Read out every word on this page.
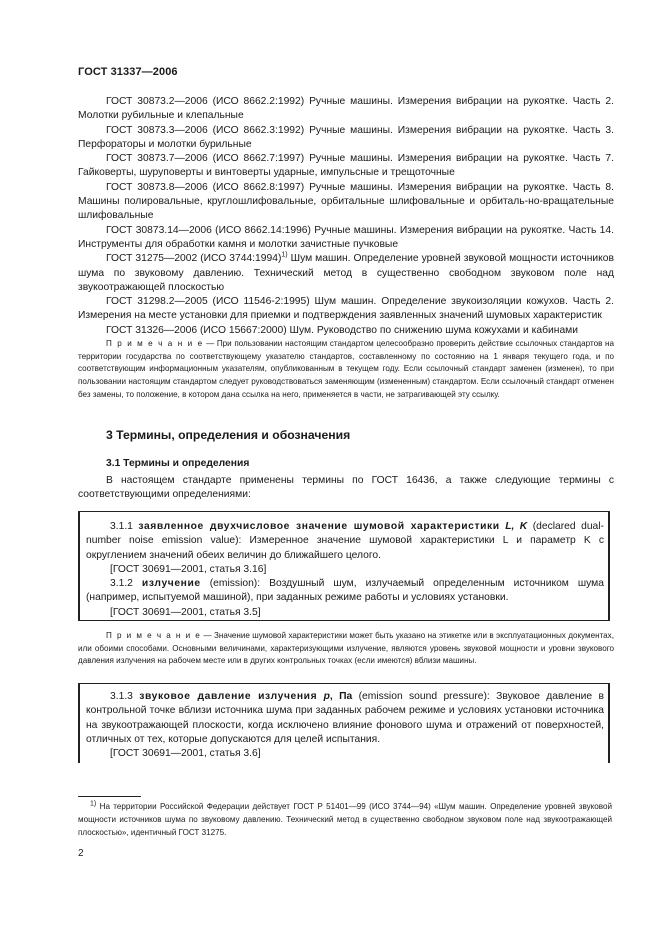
ГОСТ 31337—2006

ГОСТ 30873.2—2006 (ИСО 8662.2:1992) Ручные машины. Измерения вибрации на рукоятке. Часть 2. Молотки рубильные и клепальные

ГОСТ 30873.3—2006 (ИСО 8662.3:1992) Ручные машины. Измерения вибрации на рукоятке. Часть 3. Перфораторы и молотки бурильные

ГОСТ 30873.7—2006 (ИСО 8662.7:1997) Ручные машины. Измерения вибрации на рукоятке. Часть 7. Гайковерты, шуруповерты и винтоверты ударные, импульсные и трещоточные

ГОСТ 30873.8—2006 (ИСО 8662.8:1997) Ручные машины. Измерения вибрации на рукоятке. Часть 8. Машины полировальные, круглошлифовальные, орбитальные шлифовальные и орбиталь-но-вращательные шлифовальные

ГОСТ 30873.14—2006 (ИСО 8662.14:1996) Ручные машины. Измерения вибрации на рукоятке. Часть 14. Инструменты для обработки камня и молотки зачистные пучковые

ГОСТ 31275—2002 (ИСО 3744:1994)$^{1)}$ Шум машин. Определение уровней звуковой мощности источников шума по звуковому давлению. Технический метод в существенно свободном звуковом поле над звукоотражающей плоскостью

ГОСТ 31298.2—2005 (ИСО 11546-2:1995) Шум машин. Определение звукоизоляции кожухов. Часть 2. Измерения на месте установки для приемки и подтверждения заявленных значений шумовых характеристик

ГОСТ 31326—2006 (ИСО 15667:2000) Шум. Руководство по снижению шума кожухами и кабинами

П р и м е ч а н и е — При пользовании настоящим стандартом целесообразно проверить действие ссылочных стандартов на территории государства по соответствующему указателю стандартов, составленному по состоянию на 1 января текущего года, и по соответствующим информационным указателям, опубликованным в текущем году. Если ссылочный стандарт заменен (изменен), то при пользовании настоящим стандартом следует руководствоваться заменяющим (измененным) стандартом. Если ссылочный стандарт отменен без замены, то положение, в котором дана ссылка на него, применяется в части, не затрагивающей эту ссылку.

3 Термины, определения и обозначения
3.1 Термины и определения

В настоящем стандарте применены термины по ГОСТ 16436, а также следующие термины с соответствующими определениями:

3.1.1 заявленное двухчисловое значение шумовой характеристики L, K (declared dual-number noise emission value): Измеренное значение шумовой характеристики L и параметр K с округлением значений обеих величин до ближайшего целого.

[ГОСТ 30691—2001, статья 3.16]

3.1.2 излучение (emission): Воздушный шум, излучаемый определенным источником шума (например, испытуемой машиной), при заданных режиме работы и условиях установки.

[ГОСТ 30691—2001, статья 3.5]

П р и м е ч а н и е — Значение шумовой характеристики может быть указано на этикетке или в эксплуатационных документах, или обоими способами. Основными величинами, характеризующими излучение, являются уровень звуковой мощности и уровни звукового давления излучения на рабочем месте или в других контрольных точках (если имеются) вблизи машины.

3.1.3 звуковое давление излучения p, Па (emission sound pressure): Звуковое давление в контрольной точке вблизи источника шума при заданных рабочем режиме и условиях установки источника на звукоотражающей плоскости, когда исключено влияние фонового шума и отражений от поверхностей, отличных от тех, которые допускаются для целей испытания.

[ГОСТ 30691—2001, статья 3.6]

$^{1)}$ На территории Российской Федерации действует ГОСТ Р 51401—99 (ИСО 3744—94) «Шум машин. Определение уровней звуковой мощности источников шума по звуковому давлению. Технический метод в существенно свободном звуковом поле над звукоотражающей плоскостью», идентичный ГОСТ 31275.

2
